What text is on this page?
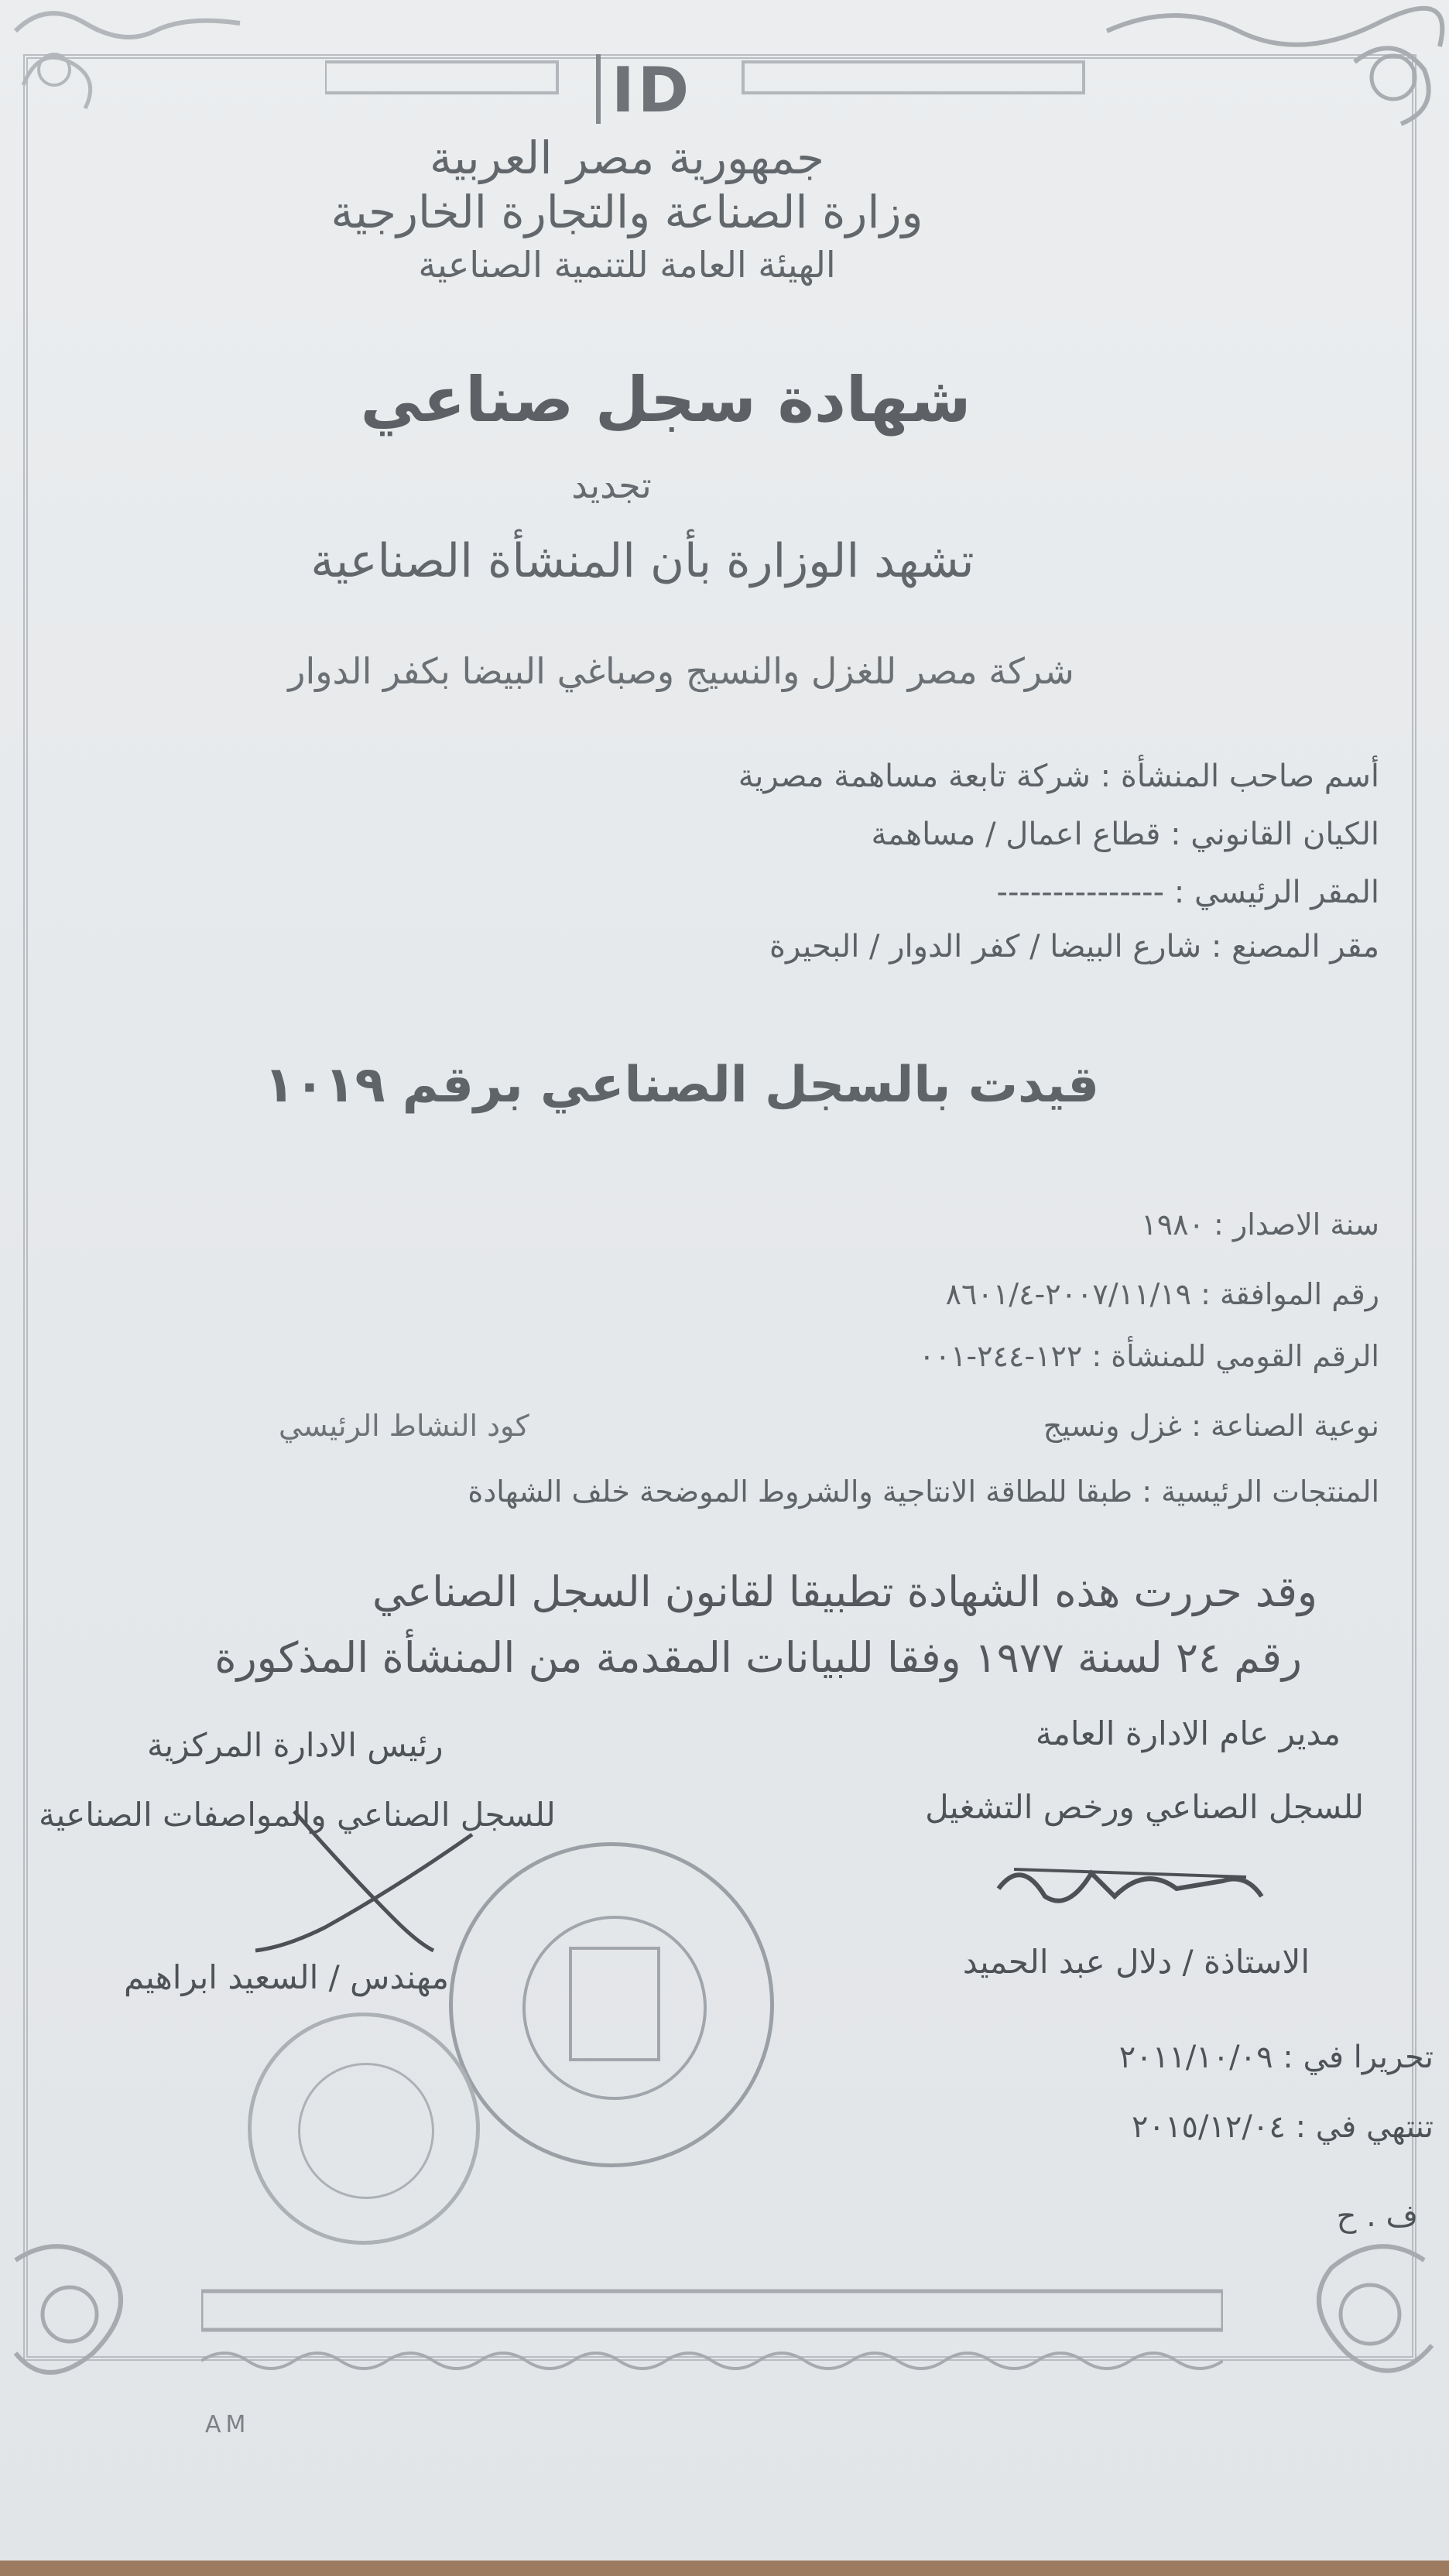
ID
جمهورية مصر العربية
وزارة الصناعة والتجارة الخارجية
الهيئة العامة للتنمية الصناعية
شهادة سجل صناعي
تجديد
تشهد الوزارة بأن المنشأة الصناعية
شركة مصر للغزل والنسيج وصباغي البيضا بكفر الدوار
أسم صاحب المنشأة : شركة تابعة مساهمة مصرية
الكيان القانوني : قطاع اعمال / مساهمة
المقر الرئيسي : ---------------
مقر المصنع : شارع البيضا / كفر الدوار / البحيرة
قيدت بالسجل الصناعي برقم ١٠١٩
سنة الاصدار : ١٩٨٠
رقم الموافقة : ٢٠٠٧/١١/١٩-٨٦٠١/٤
الرقم القومي للمنشأة : ١٢٢-٢٤٤-٠٠١
نوعية الصناعة : غزل ونسيج
كود النشاط الرئيسي
المنتجات الرئيسية : طبقا للطاقة الانتاجية والشروط الموضحة خلف الشهادة
وقد حررت هذه الشهادة تطبيقا لقانون السجل الصناعي
رقم ٢٤ لسنة ١٩٧٧ وفقا للبيانات المقدمة من المنشأة المذكورة
مدير عام الادارة العامة
للسجل الصناعي ورخص التشغيل
رئيس الادارة المركزية
للسجل الصناعي والمواصفات الصناعية
الاستاذة / دلال عبد الحميد
مهندس / السعيد ابراهيم
تحريرا في : ٢٠١١/١٠/٠٩
تنتهي في : ٢٠١٥/١٢/٠٤
ف . ح
AM
